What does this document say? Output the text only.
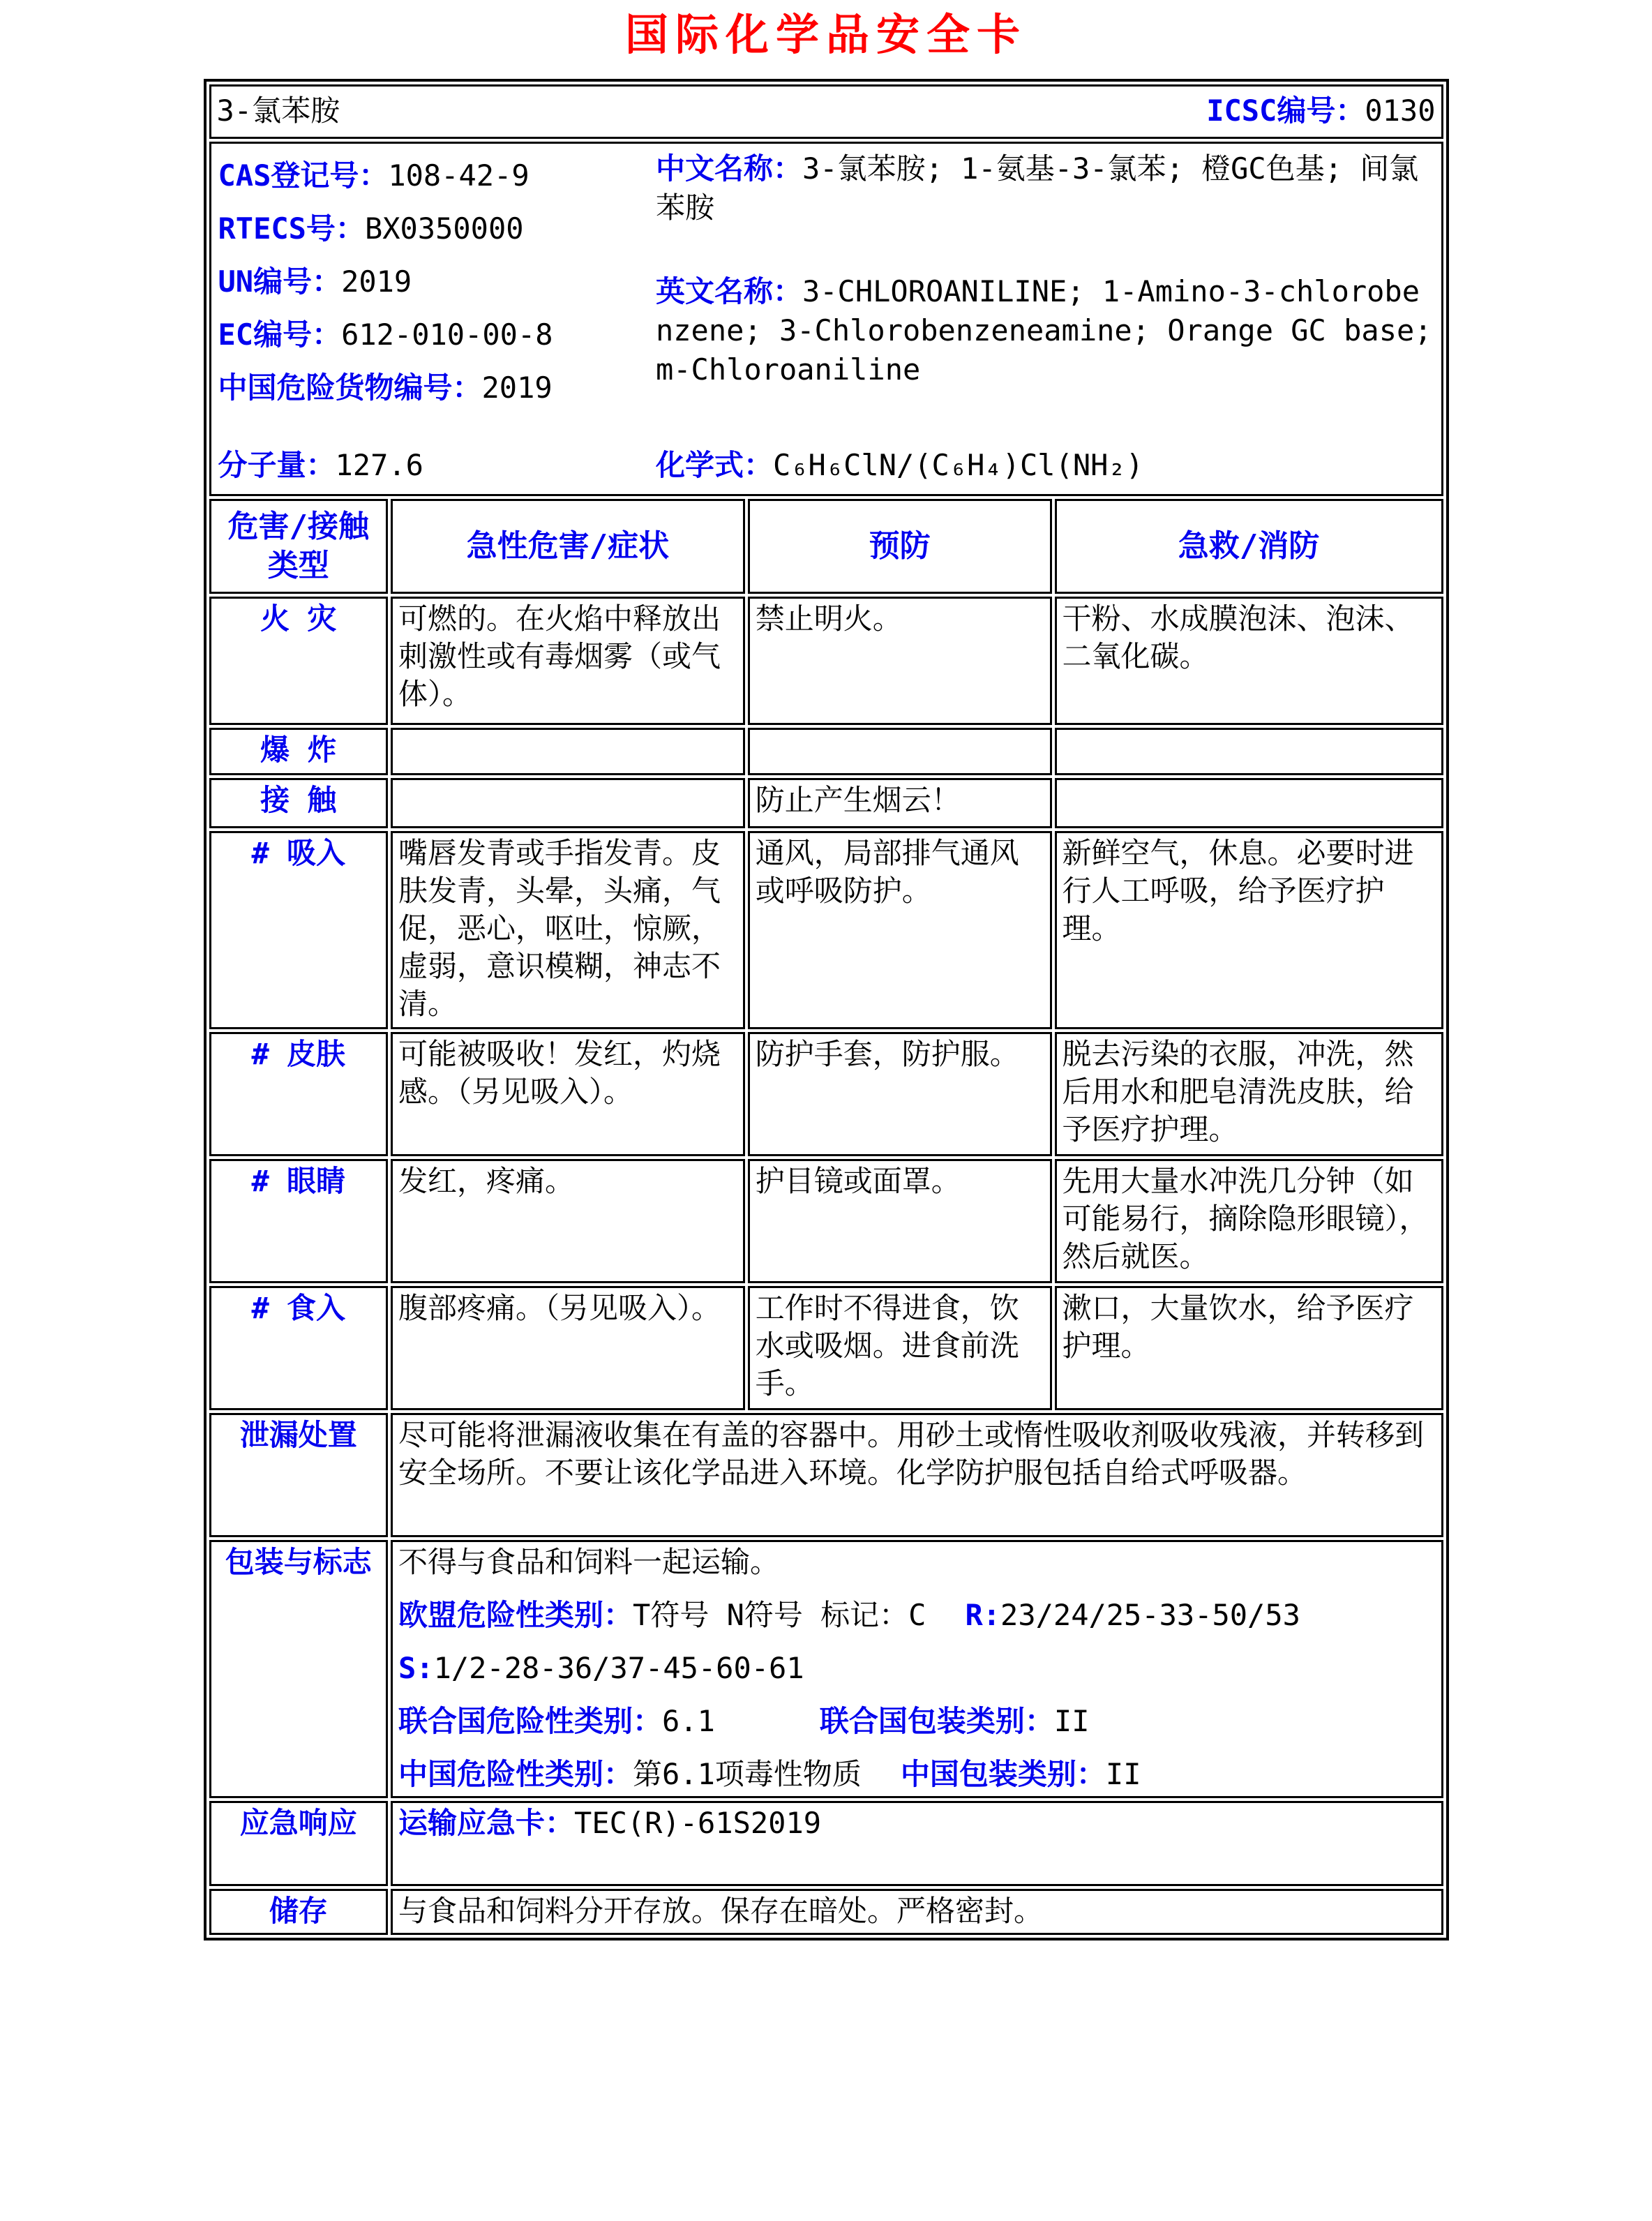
国际化学品安全卡
3-氯苯胺 ICSC编号：0130			

CAS登记号：108-42-9
RTECS号：BX0350000
UN编号：2019
EC编号：612-010-00-8
中国危险货物编号：2019
中文名称：3-氯苯胺; 1-氨基-3-氯苯; 橙GC色基; 间氯苯胺
英文名称：3-CHLOROANILINE; 1-Amino-3-chlorobenzene; 3-Chlorobenzeneamine; Orange GC base; m-Chloroaniline
分子量：127.6	化学式：C₆H₆ClN/(C₆H₄)Cl(NH₂)

危害/接触类型	急性危害/症状	预防	急救/消防
火 灾	可燃的。在火焰中释放出刺激性或有毒烟雾（或气体）。	禁止明火。	干粉、水成膜泡沫、泡沫、二氧化碳。
爆 炸			
接 触		防止产生烟云！	
# 吸入	嘴唇发青或手指发青。皮肤发青，头晕，头痛，气促，恶心，呕吐，惊厥，虚弱，意识模糊，神志不清。	通风，局部排气通风或呼吸防护。	新鲜空气，休息。必要时进行人工呼吸，给予医疗护理。
# 皮肤	可能被吸收！发红，灼烧感。（另见吸入）。	防护手套，防护服。	脱去污染的衣服，冲洗，然后用水和肥皂清洗皮肤，给予医疗护理。
# 眼睛	发红，疼痛。	护目镜或面罩。	先用大量水冲洗几分钟（如可能易行，摘除隐形眼镜），然后就医。
# 食入	腹部疼痛。（另见吸入）。	工作时不得进食，饮水或吸烟。进食前洗手。	漱口，大量饮水，给予医疗护理。
泄漏处置	尽可能将泄漏液收集在有盖的容器中。用砂土或惰性吸收剂吸收残液，并转移到安全场所。不要让该化学品进入环境。化学防护服包括自给式呼吸器。		
包装与标志	不得与食品和饲料一起运输。
欧盟危险性类别：T符号 N符号 标记：C R:23/24/25-33-50/53
S:1/2-28-36/37-45-60-61
联合国危险性类别：6.1 联合国包装类别：II
中国危险性类别：第6.1项毒性物质 中国包装类别：II		

应急响应	运输应急卡：TEC(R)-61S2019		
储存	与食品和饲料分开存放。保存在暗处。严格密封。		
